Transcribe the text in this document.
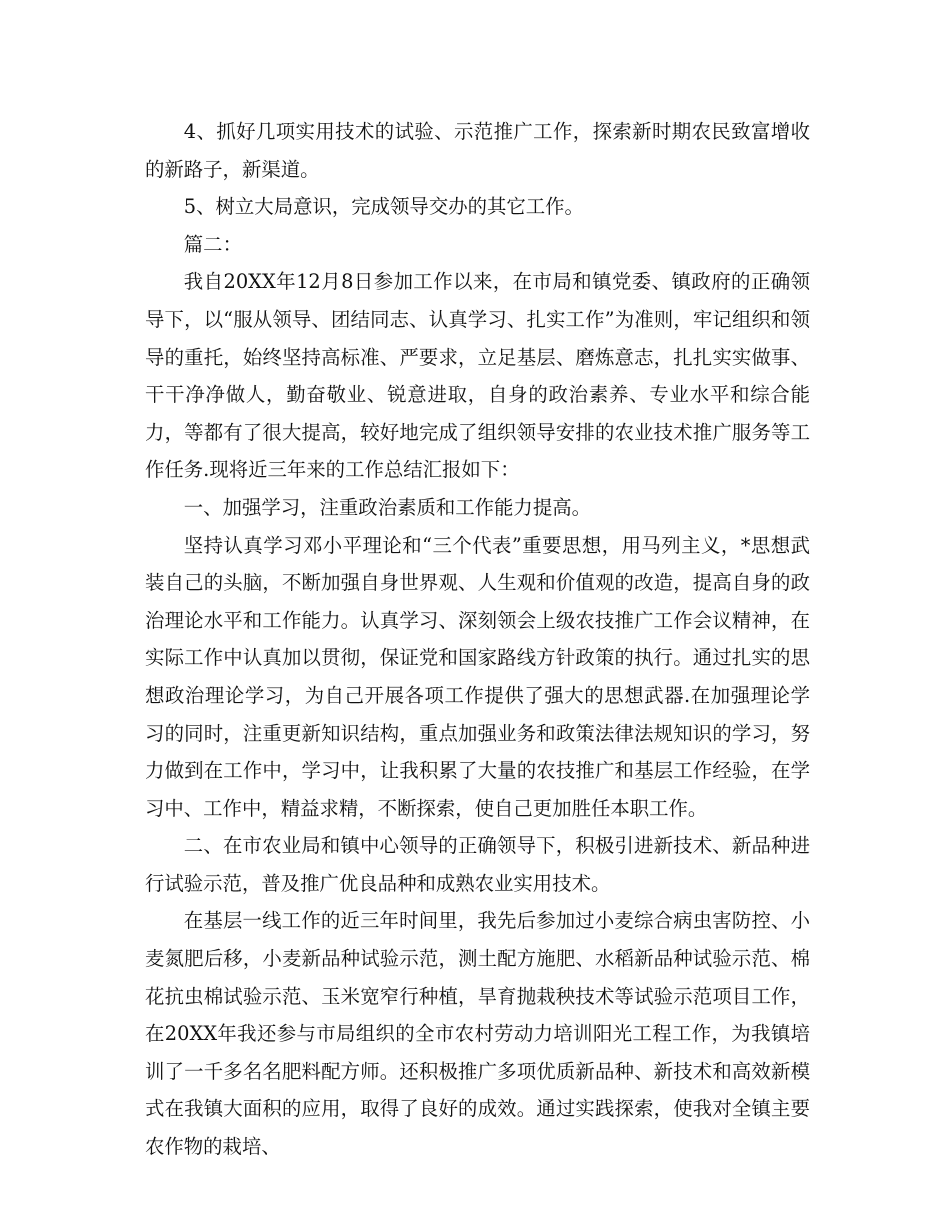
4、抓好几项实用技术的试验、示范推广工作，探索新时期农民致富增收的新路子，新渠道。

5、树立大局意识，完成领导交办的其它工作。

篇二：

我自20XX年12月8日参加工作以来，在市局和镇党委、镇政府的正确领导下，以“服从领导、团结同志、认真学习、扎实工作”为准则，牢记组织和领导的重托，始终坚持高标准、严要求，立足基层、磨炼意志，扎扎实实做事、干干净净做人，勤奋敬业、锐意进取，自身的政治素养、专业水平和综合能力，等都有了很大提高，较好地完成了组织领导安排的农业技术推广服务等工作任务.现将近三年来的工作总结汇报如下：

一、加强学习，注重政治素质和工作能力提高。

坚持认真学习邓小平理论和“三个代表”重要思想，用马列主义，*思想武装自己的头脑，不断加强自身世界观、人生观和价值观的改造，提高自身的政治理论水平和工作能力。认真学习、深刻领会上级农技推广工作会议精神，在实际工作中认真加以贯彻，保证党和国家路线方针政策的执行。通过扎实的思想政治理论学习，为自己开展各项工作提供了强大的思想武器.在加强理论学习的同时，注重更新知识结构，重点加强业务和政策法律法规知识的学习，努力做到在工作中，学习中，让我积累了大量的农技推广和基层工作经验，在学习中、工作中，精益求精，不断探索，使自己更加胜任本职工作。

二、在市农业局和镇中心领导的正确领导下，积极引进新技术、新品种进行试验示范，普及推广优良品种和成熟农业实用技术。

在基层一线工作的近三年时间里，我先后参加过小麦综合病虫害防控、小麦氮肥后移，小麦新品种试验示范，测土配方施肥、水稻新品种试验示范、棉花抗虫棉试验示范、玉米宽窄行种植，旱育抛栽秧技术等试验示范项目工作，在20XX年我还参与市局组织的全市农村劳动力培训阳光工程工作，为我镇培训了一千多名名肥料配方师。还积极推广多项优质新品种、新技术和高效新模式在我镇大面积的应用，取得了良好的成效。通过实践探索，使我对全镇主要农作物的栽培、
